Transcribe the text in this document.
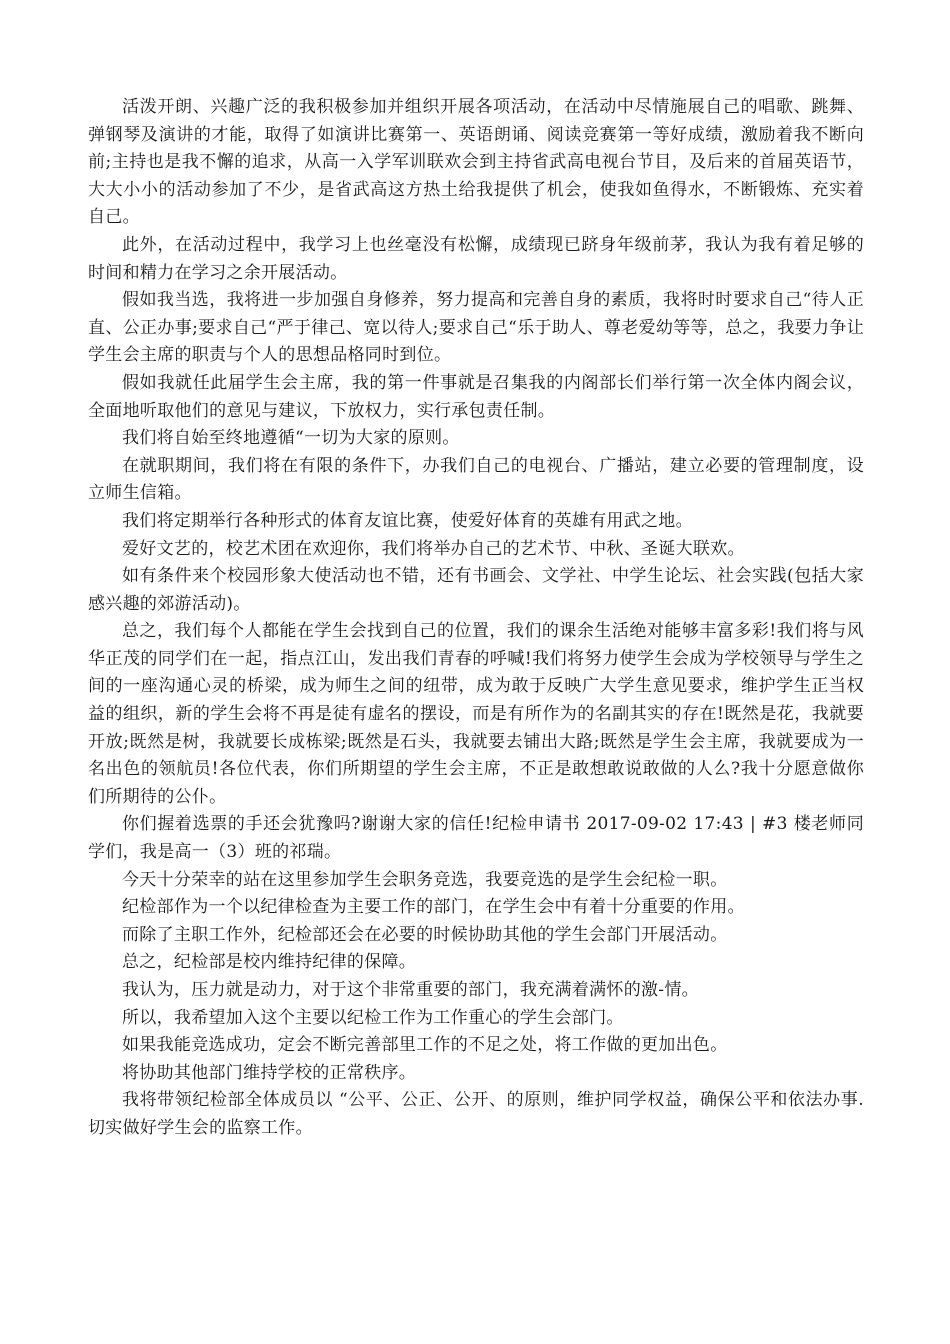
活泼开朗、兴趣广泛的我积极参加并组织开展各项活动，在活动中尽情施展自己的唱歌、跳舞、弹钢琴及演讲的才能，取得了如演讲比赛第一、英语朗诵、阅读竞赛第一等好成绩，激励着我不断向前;主持也是我不懈的追求，从高一入学军训联欢会到主持省武高电视台节目，及后来的首届英语节，大大小小的活动参加了不少，是省武高这方热土给我提供了机会，使我如鱼得水，不断锻炼、充实着自己。

此外，在活动过程中，我学习上也丝毫没有松懈，成绩现已跻身年级前茅，我认为我有着足够的时间和精力在学习之余开展活动。

假如我当选，我将进一步加强自身修养，努力提高和完善自身的素质，我将时时要求自己“待人正直、公正办事;要求自己“严于律己、宽以待人;要求自己“乐于助人、尊老爱幼等等，总之，我要力争让学生会主席的职责与个人的思想品格同时到位。

假如我就任此届学生会主席，我的第一件事就是召集我的内阁部长们举行第一次全体内阁会议，全面地听取他们的意见与建议，下放权力，实行承包责任制。

我们将自始至终地遵循“一切为大家的原则。

在就职期间，我们将在有限的条件下，办我们自己的电视台、广播站，建立必要的管理制度，设立师生信箱。

我们将定期举行各种形式的体育友谊比赛，使爱好体育的英雄有用武之地。

爱好文艺的，校艺术团在欢迎你，我们将举办自己的艺术节、中秋、圣诞大联欢。

如有条件来个校园形象大使活动也不错，还有书画会、文学社、中学生论坛、社会实践(包括大家感兴趣的郊游活动)。

总之，我们每个人都能在学生会找到自己的位置，我们的课余生活绝对能够丰富多彩!我们将与风华正茂的同学们在一起，指点江山，发出我们青春的呼喊!我们将努力使学生会成为学校领导与学生之间的一座沟通心灵的桥梁，成为师生之间的纽带，成为敢于反映广大学生意见要求，维护学生正当权益的组织，新的学生会将不再是徒有虚名的摆设，而是有所作为的名副其实的存在!既然是花，我就要开放;既然是树，我就要长成栋梁;既然是石头，我就要去铺出大路;既然是学生会主席，我就要成为一名出色的领航员!各位代表，你们所期望的学生会主席，不正是敢想敢说敢做的人么?我十分愿意做你们所期待的公仆。

你们握着选票的手还会犹豫吗?谢谢大家的信任!纪检申请书 2017-09-02 17:43 | #3 楼老师同学们，我是高一（3）班的祁瑞。

今天十分荣幸的站在这里参加学生会职务竞选，我要竞选的是学生会纪检一职。

纪检部作为一个以纪律检查为主要工作的部门，在学生会中有着十分重要的作用。

而除了主职工作外，纪检部还会在必要的时候协助其他的学生会部门开展活动。

总之，纪检部是校内维持纪律的保障。

我认为，压力就是动力，对于这个非常重要的部门，我充满着满怀的激-情。

所以，我希望加入这个主要以纪检工作为工作重心的学生会部门。

如果我能竞选成功，定会不断完善部里工作的不足之处，将工作做的更加出色。

将协助其他部门维持学校的正常秩序。

我将带领纪检部全体成员以 “公平、公正、公开、的原则，维护同学权益，确保公平和依法办事. 切实做好学生会的监察工作。
